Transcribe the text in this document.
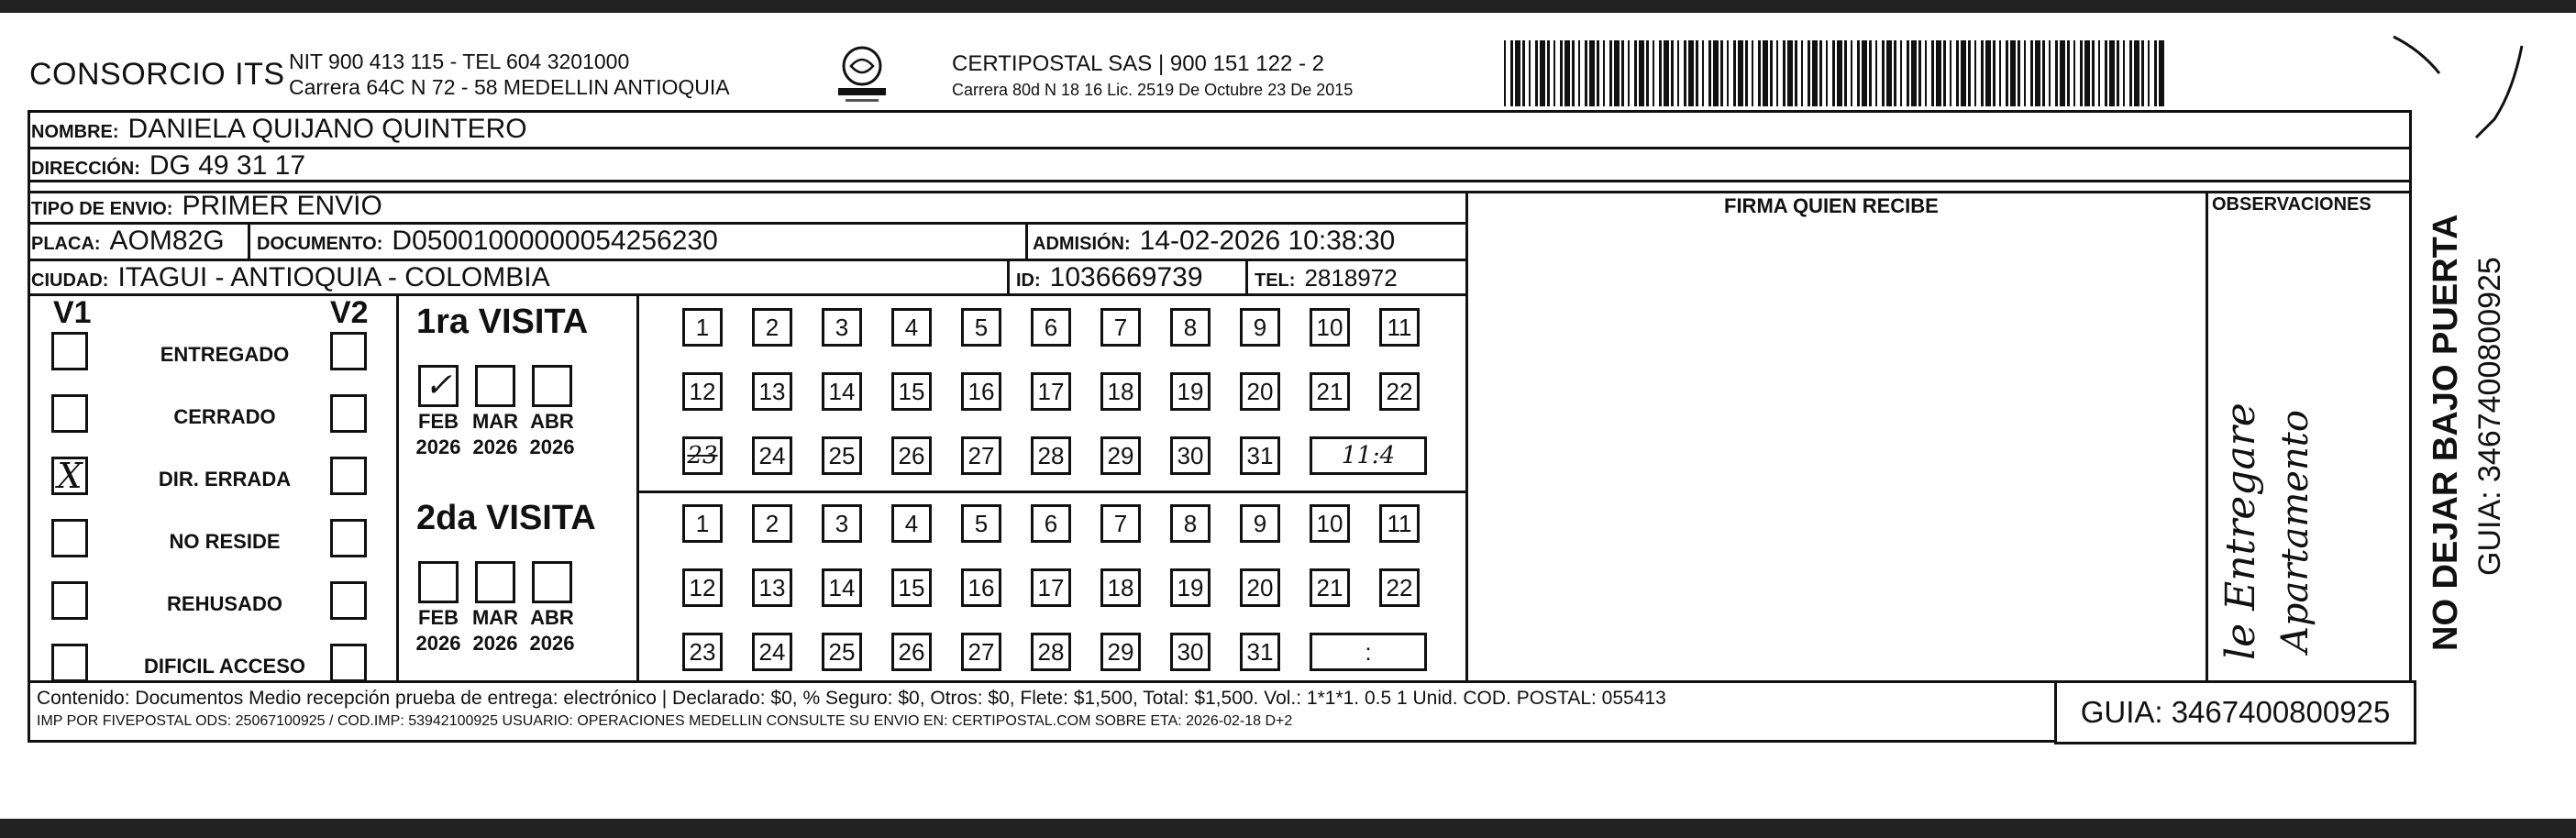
CONSORCIO ITS NIT 900 413 115 - TEL 604 3201000
Carrera 64C N 72 - 58 MEDELLIN ANTIOQUIA
CERTIPOSTAL SAS | 900 151 122 - 2
Carrera 80d N 18 16 Lic. 2519 De Octubre 23 De 2015
NOMBRE: DANIELA QUIJANO QUINTERO
DIRECCIÓN: DG 49 31 17
TIPO DE ENVIO: PRIMER ENVÍO	FIRMA QUIEN RECIBE	OBSERVACIONES
PLACA: AOM82G DOCUMENTO: D05001000000054256230	ADMISIÓN: 14-02-2026 10:38:30
CIUDAD: ITAGUI - ANTIOQUIA - COLOMBIA	ID: 1036669739	TEL: 2818972
V1	V2
ENTREGADO
CERRADO
X	DIR. ERRADA
NO RESIDE
REHUSADO
DIFICIL ACCESO
1ra VISITA
✓
FEB
2026
MAR
2026
ABR
2026
1	2	3	4	5	6	7	8	9	10	11
12 13 14 15 16 17 18 19 20 21 22
23 24 25 26 27 28 29 30 31	11:4
2da VISITA
FEB
2026
MAR
2026
ABR
2026
1	2	3	4	5	6	7	8	9	10	11
12 13 14 15 16 17 18 19 20 21 22
23 24 25 26 27 28 29 30 31	:	le Entregare Apartamento
Contenido: Documentos Medio recepción prueba de entrega: electrónico | Declarado: $0, % Seguro: $0, Otros: $0, Flete: $1,500, Total: $1,500. Vol.: 1*1*1. 0.5 1 Unid. COD. POSTAL: 055413
IMP POR FIVEPOSTAL ODS: 25067100925 / COD.IMP: 53942100925 USUARIO: OPERACIONES MEDELLIN CONSULTE SU ENVIO EN: CERTIPOSTAL.COM SOBRE ETA: 2026-02-18 D+2	GUIA: 3467400800925
NO DEJAR BAJO PUERTA GUIA: 3467400800925
